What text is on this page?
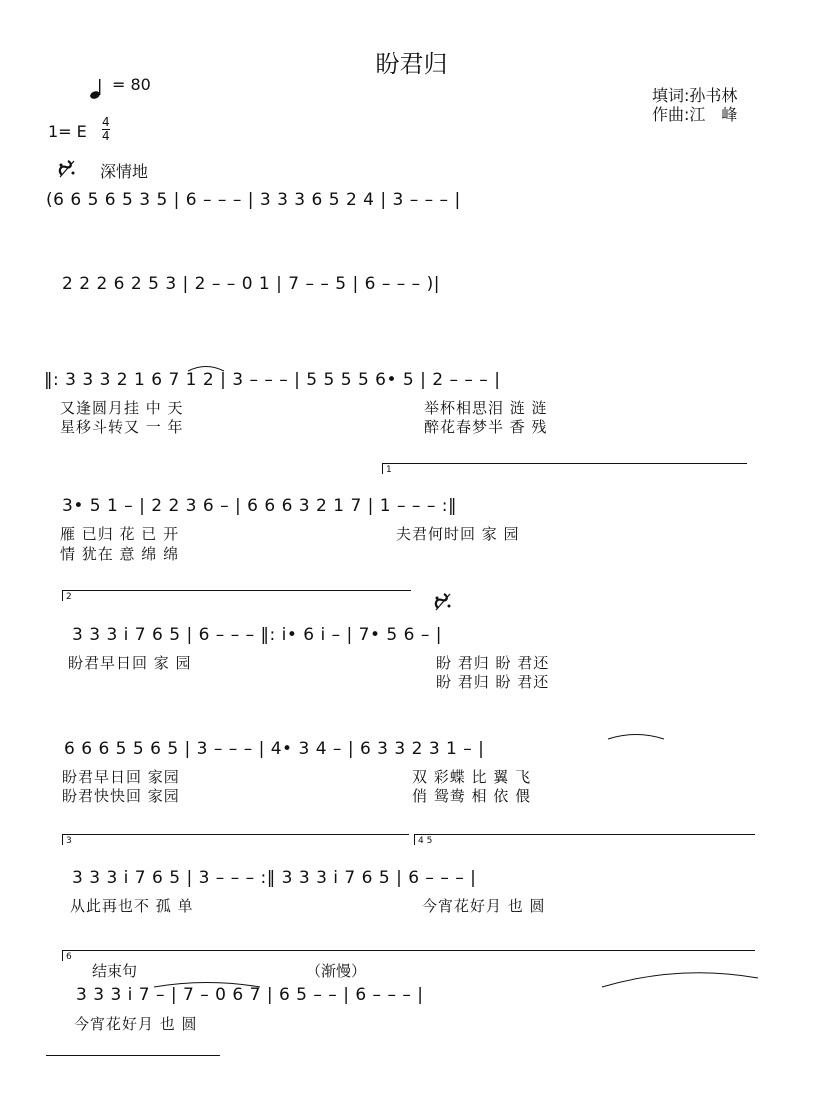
盼君归
= 80
1= E 4
4
填词:孙书林
作曲:江　峰
深情地
(6 6 5 6 5 3 5 | 6 – – – | 3 3 3 6 5 2 4 | 3 – – – |
2 2 2 6 2 5 3 | 2 – – 0 1 | 7 – – 5 | 6 – – – )|
‖: 3 3 3 2 1 6 7 1 2 | 3 – – – | 5 5 5 5 6• 5 | 2 – – – |
又逢圆月挂 中 天
星移斗转又 一 年
举杯相思泪 涟 涟
醉花春梦半 香 残
1
3• 5 1 – | 2 2 3 6 – | 6 6 6 3 2 1 7 | 1 – – – :‖
雁 已归 花 已 开
情 犹在 意 绵 绵
夫君何时回 家 园
2
3 3 3 i 7 6 5 | 6 – – – ‖: i• 6 i – | 7• 5 6 – |
盼君早日回 家 园	盼 君归 盼 君还
盼 君归 盼 君还
6 6 6 5 5 6 5 | 3 – – – | 4• 3 4 – | 6 3 3 2 3 1 – |
盼君早日回 家园
盼君快快回 家园
双 彩蝶 比 翼 飞
俏 鸳鸯 相 依 偎
3	4 5
3 3 3 i 7 6 5 | 3 – – – :‖ 3 3 3 i 7 6 5 | 6 – – – |
从此再也不 孤 单	今宵花好月 也 圆
6
结束句	（渐慢）
3 3 3 i 7 – | 7 – 0 6 7 | 6 5 – – | 6 – – – |
今宵花好月 也 圆
